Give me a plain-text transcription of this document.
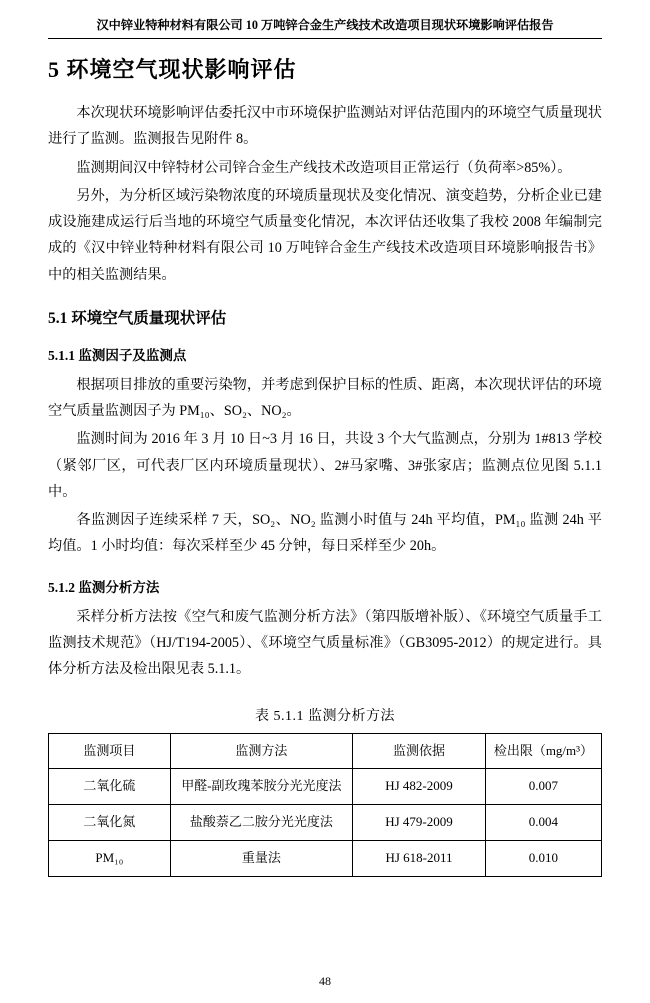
汉中锌业特种材料有限公司 10 万吨锌合金生产线技术改造项目现状环境影响评估报告
5 环境空气现状影响评估

本次现状环境影响评估委托汉中市环境保护监测站对评估范围内的环境空气质量现状进行了监测。监测报告见附件 8。

监测期间汉中锌特材公司锌合金生产线技术改造项目正常运行（负荷率>85%）。

另外，为分析区域污染物浓度的环境质量现状及变化情况、演变趋势，分析企业已建成设施建成运行后当地的环境空气质量变化情况，本次评估还收集了我校 2008 年编制完成的《汉中锌业特种材料有限公司 10 万吨锌合金生产线技术改造项目环境影响报告书》中的相关监测结果。

5.1 环境空气质量现状评估
5.1.1 监测因子及监测点

根据项目排放的重要污染物，并考虑到保护目标的性质、距离，本次现状评估的环境空气质量监测因子为 PM₁₀、SO₂、NO₂。

监测时间为 2016 年 3 月 10 日~3 月 16 日，共设 3 个大气监测点，分别为 1#813 学校（紧邻厂区，可代表厂区内环境质量现状）、2#马家嘴、3#张家店；监测点位见图 5.1.1 中。

各监测因子连续采样 7 天，SO₂、NO₂ 监测小时值与 24h 平均值，PM₁₀ 监测 24h 平均值。1 小时均值：每次采样至少 45 分钟，每日采样至少 20h。

5.1.2 监测分析方法

采样分析方法按《空气和废气监测分析方法》（第四版增补版）、《环境空气质量手工监测技术规范》（HJ/T194-2005）、《环境空气质量标准》（GB3095-2012）的规定进行。具体分析方法及检出限见表 5.1.1。

表 5.1.1 监测分析方法
监测项目	监测方法	监测依据	检出限（mg/m³）
二氧化硫	甲醛-副玫瑰苯胺分光光度法	HJ 482-2009	0.007
二氧化氮	盐酸萘乙二胺分光光度法	HJ 479-2009	0.004
PM₁₀	重量法	HJ 618-2011	0.010
48
